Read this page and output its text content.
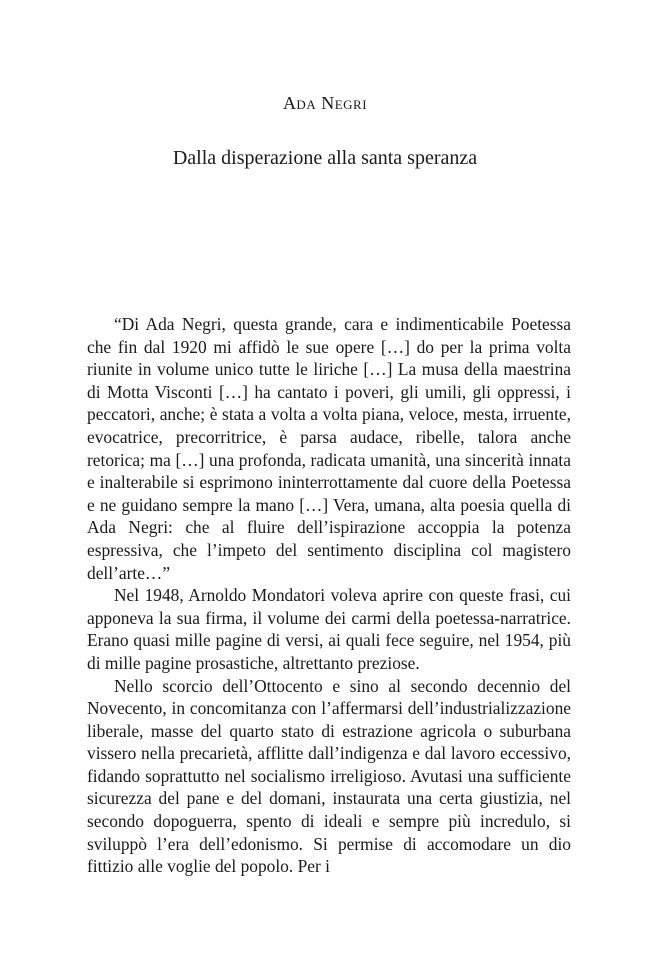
Ada Negri
Dalla disperazione alla santa speranza

“Di Ada Negri, questa grande, cara e indimenticabile Poetessa che fin dal 1920 mi affidò le sue opere […] do per la prima volta riunite in volume unico tutte le liriche […] La musa della maestrina di Motta Visconti […] ha cantato i poveri, gli umili, gli oppressi, i peccatori, anche; è stata a volta a volta piana, veloce, mesta, irruente, evocatrice, precorritrice, è parsa audace, ribelle, talora anche retorica; ma […] una profonda, radicata umanità, una sincerità innata e inalterabile si esprimono ininterrottamente dal cuore della Poetessa e ne guidano sempre la mano […] Vera, umana, alta poesia quella di Ada Negri: che al fluire dell’ispirazione accoppia la potenza espressiva, che l’impeto del sentimento disciplina col magistero dell’arte…”

Nel 1948, Arnoldo Mondatori voleva aprire con queste frasi, cui apponeva la sua firma, il volume dei carmi della poetessa-narratrice. Erano quasi mille pagine di versi, ai quali fece seguire, nel 1954, più di mille pagine prosastiche, altrettanto preziose.

Nello scorcio dell’Ottocento e sino al secondo decennio del Novecento, in concomitanza con l’affermarsi dell’industrializzazione liberale, masse del quarto stato di estrazione agricola o suburbana vissero nella precarietà, afflitte dall’indigenza e dal lavoro eccessivo, fidando soprattutto nel socialismo irreligioso. Avutasi una sufficiente sicurezza del pane e del domani, instaurata una certa giustizia, nel secondo dopoguerra, spento di ideali e sempre più incredulo, si sviluppò l’era dell’edonismo. Si permise di accomodare un dio fittizio alle voglie del popolo. Per i
